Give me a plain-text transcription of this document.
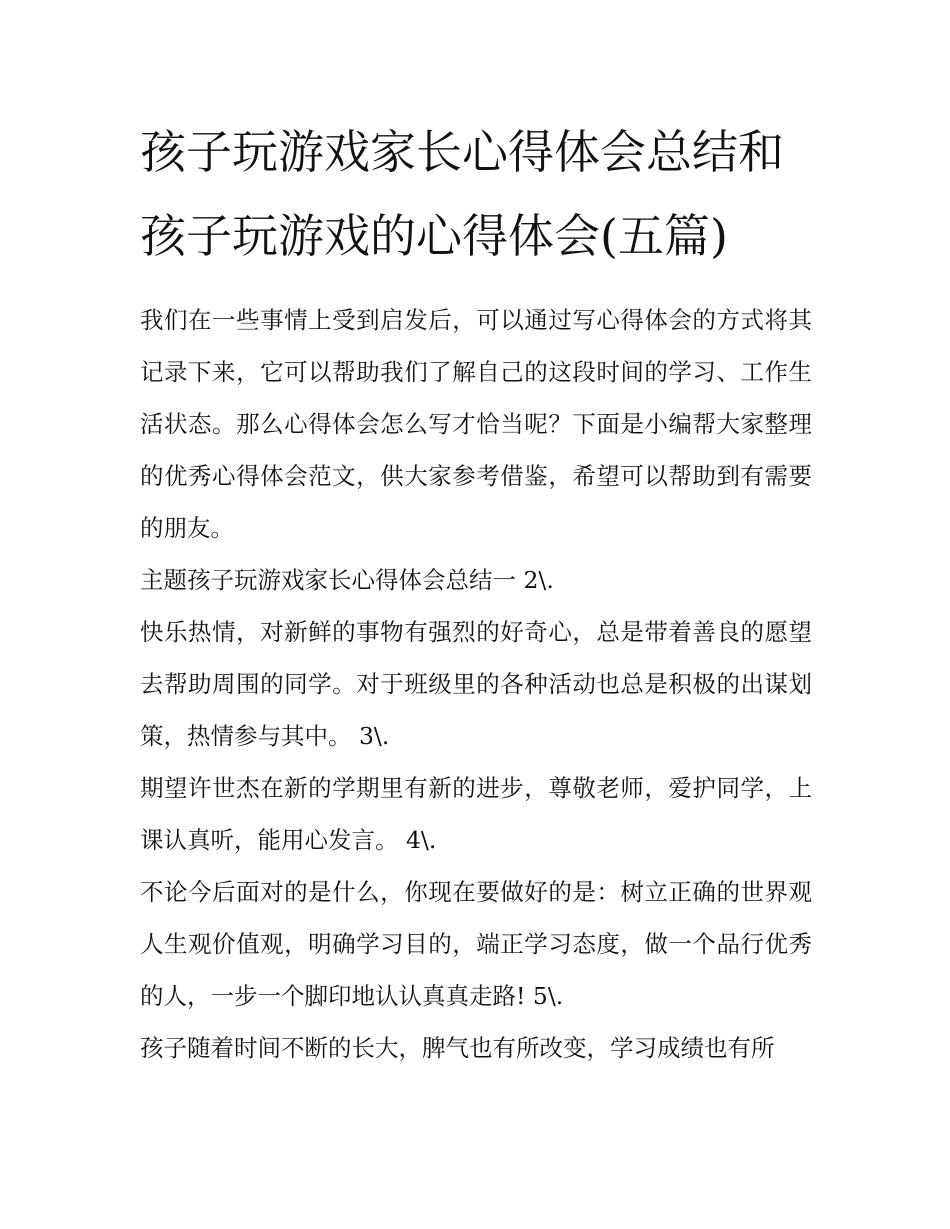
孩子玩游戏家长心得体会总结和孩子玩游戏的心得体会(五篇)

我们在一些事情上受到启发后，可以通过写心得体会的方式将其记录下来，它可以帮助我们了解自己的这段时间的学习、工作生活状态。那么心得体会怎么写才恰当呢？下面是小编帮大家整理的优秀心得体会范文，供大家参考借鉴，希望可以帮助到有需要的朋友。

主题孩子玩游戏家长心得体会总结一 2\.

快乐热情，对新鲜的事物有强烈的好奇心，总是带着善良的愿望去帮助周围的同学。对于班级里的各种活动也总是积极的出谋划策，热情参与其中。 3\.

期望许世杰在新的学期里有新的进步，尊敬老师，爱护同学，上课认真听，能用心发言。 4\.

不论今后面对的是什么，你现在要做好的是：树立正确的世界观人生观价值观，明确学习目的，端正学习态度，做一个品行优秀的人，一步一个脚印地认认真真走路! 5\.

孩子随着时间不断的长大，脾气也有所改变，学习成绩也有所
